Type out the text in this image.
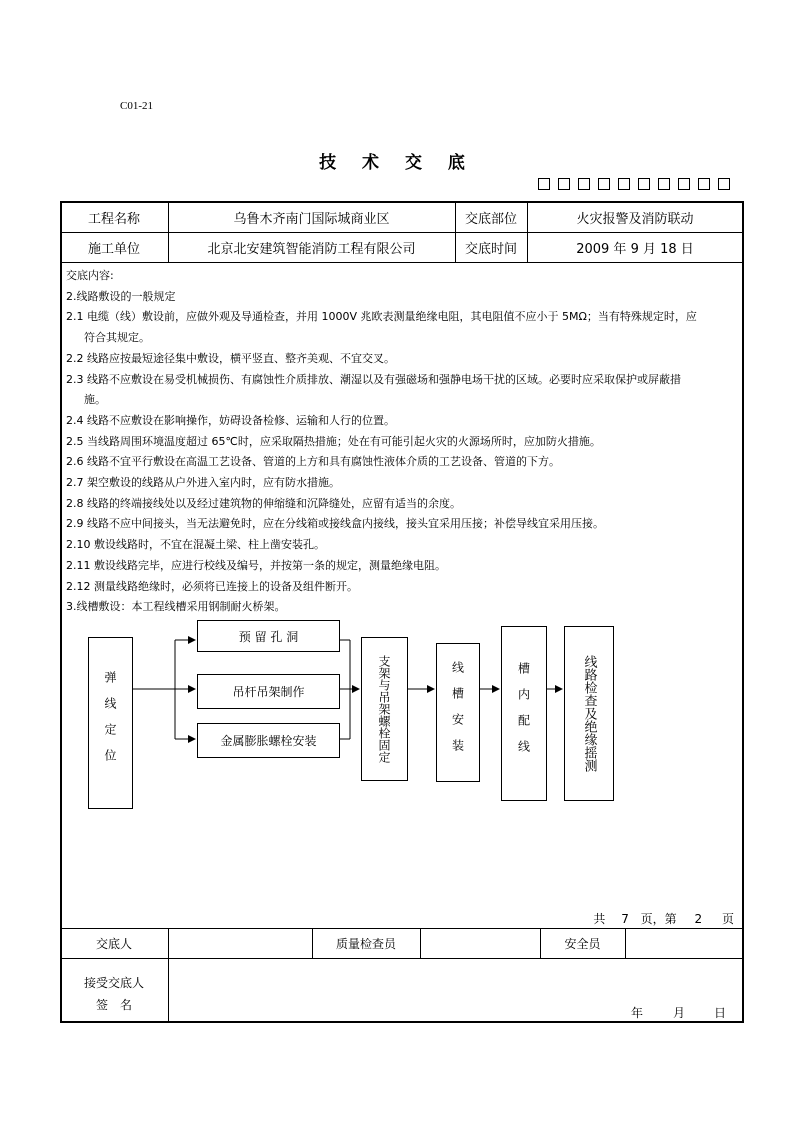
C01-21
技 术 交 底
工程名称	乌鲁木齐南门国际城商业区	交底部位	火灾报警及消防联动
施工单位	北京北安建筑智能消防工程有限公司	交底时间	2009 年 9 月 18 日
交底内容:
2.线路敷设的一般规定
2.1 电缆（线）敷设前，应做外观及导通检查，并用 1000V 兆欧表测量绝缘电阻，其电阻值不应小于 5MΩ；当有特殊规定时，应
符合其规定。
2.2 线路应按最短途径集中敷设，横平竖直、整齐美观、不宜交叉。
2.3 线路不应敷设在易受机械损伤、有腐蚀性介质排放、潮湿以及有强磁场和强静电场干扰的区域。必要时应采取保护或屏蔽措
施。
2.4 线路不应敷设在影响操作，妨碍设备检修、运输和人行的位置。
2.5 当线路周围环境温度超过 65℃时，应采取隔热措施；处在有可能引起火灾的火源场所时，应加防火措施。
2.6 线路不宜平行敷设在高温工艺设备、管道的上方和具有腐蚀性液体介质的工艺设备、管道的下方。
2.7 架空敷设的线路从户外进入室内时，应有防水措施。
2.8 线路的终端接线处以及经过建筑物的伸缩缝和沉降缝处，应留有适当的余度。
2.9 线路不应中间接头，当无法避免时，应在分线箱或接线盒内接线，接头宜采用压接；补偿导线宜采用压接。
2.10 敷设线路时，不宜在混凝土梁、柱上凿安装孔。
2.11 敷设线路完毕，应进行校线及编号，并按第一条的规定，测量绝缘电阻。
2.12 测量线路绝缘时，必须将已连接上的设备及组件断开。
3.线槽敷设：本工程线槽采用钢制耐火桥架。
弹线定位
预 留 孔 洞
吊杆吊架制作
金属膨胀螺栓安装	支架与吊架螺栓固定	线槽安装	槽内配线	线路检查及绝缘摇测
共 7 页，第 2 页
交底人	质量检查员	安全员
接受交底人
签　名
年 月 日
